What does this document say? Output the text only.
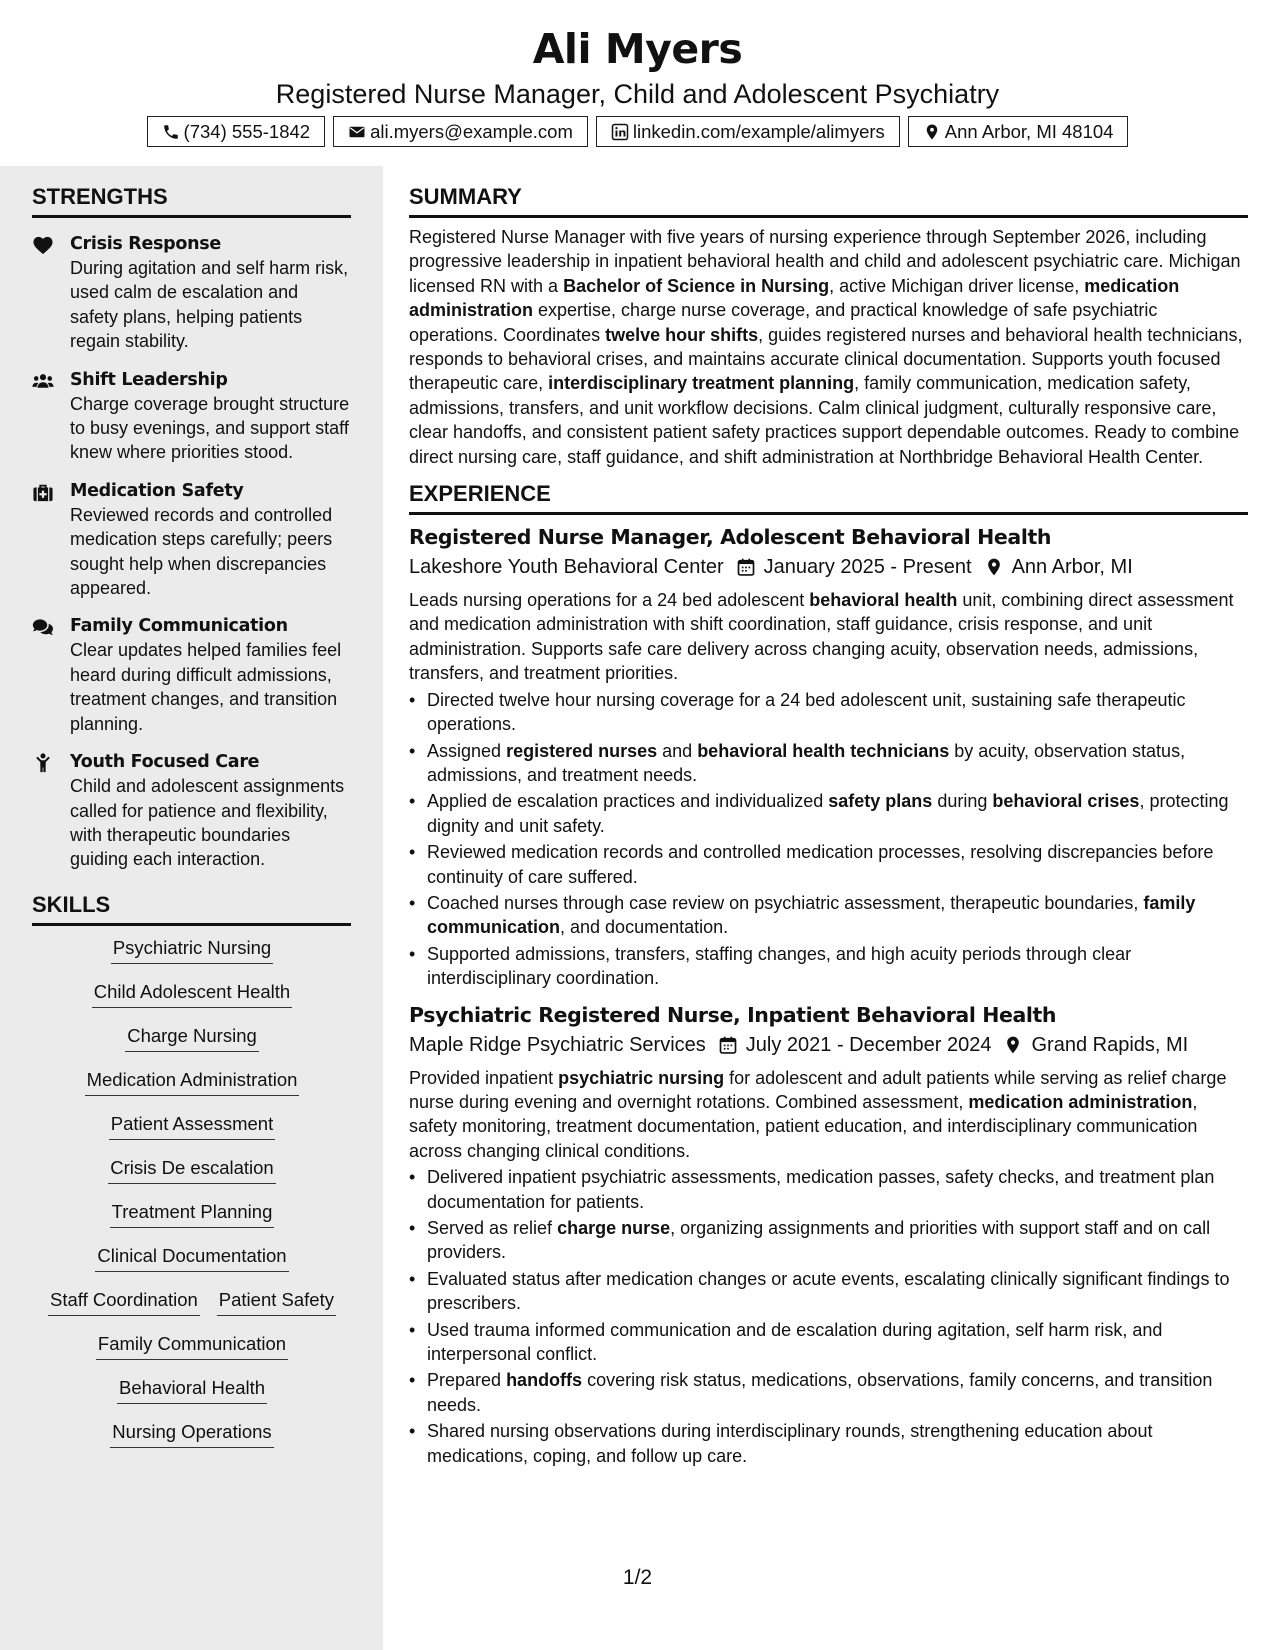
Ali Myers
Registered Nurse Manager, Child and Adolescent Psychiatry
(734) 555-1842	ali.myers@example.com	linkedin.com/example/alimyers	Ann Arbor, MI 48104
STRENGTHS
Crisis Response
During agitation and self harm risk, used calm de escalation and safety plans, helping patients regain stability.
Shift Leadership
Charge coverage brought structure to busy evenings, and support staff knew where priorities stood.
Medication Safety
Reviewed records and controlled medication steps carefully; peers sought help when discrepancies appeared.
Family Communication
Clear updates helped families feel heard during difficult admissions, treatment changes, and transition planning.
Youth Focused Care
Child and adolescent assignments called for patience and flexibility, with therapeutic boundaries guiding each interaction.
SKILLS
Psychiatric Nursing
Child Adolescent Health
Charge Nursing
Medication Administration
Patient Assessment
Crisis De escalation
Treatment Planning
Clinical Documentation
Staff Coordination Patient Safety
Family Communication
Behavioral Health
Nursing Operations
SUMMARY

Registered Nurse Manager with five years of nursing experience through September 2026, including progressive leadership in inpatient behavioral health and child and adolescent psychiatric care. Michigan licensed RN with a Bachelor of Science in Nursing, active Michigan driver license, medication administration expertise, charge nurse coverage, and practical knowledge of safe psychiatric operations. Coordinates twelve hour shifts, guides registered nurses and behavioral health technicians, responds to behavioral crises, and maintains accurate clinical documentation. Supports youth focused therapeutic care, interdisciplinary treatment planning, family communication, medication safety, admissions, transfers, and unit workflow decisions. Calm clinical judgment, culturally responsive care, clear handoffs, and consistent patient safety practices support dependable outcomes. Ready to combine direct nursing care, staff guidance, and shift administration at Northbridge Behavioral Health Center.

EXPERIENCE
Registered Nurse Manager, Adolescent Behavioral Health
Lakeshore Youth Behavioral Center January 2025 - Present Ann Arbor, MI

Leads nursing operations for a 24 bed adolescent behavioral health unit, combining direct assessment and medication administration with shift coordination, staff guidance, crisis response, and unit administration. Supports safe care delivery across changing acuity, observation needs, admissions, transfers, and treatment priorities.

• Directed twelve hour nursing coverage for a 24 bed adolescent unit, sustaining safe therapeutic operations.
• Assigned registered nurses and behavioral health technicians by acuity, observation status, admissions, and treatment needs.
• Applied de escalation practices and individualized safety plans during behavioral crises, protecting dignity and unit safety.
• Reviewed medication records and controlled medication processes, resolving discrepancies before continuity of care suffered.
• Coached nurses through case review on psychiatric assessment, therapeutic boundaries, family communication, and documentation.
• Supported admissions, transfers, staffing changes, and high acuity periods through clear interdisciplinary coordination.
Psychiatric Registered Nurse, Inpatient Behavioral Health
Maple Ridge Psychiatric Services July 2021 - December 2024 Grand Rapids, MI

Provided inpatient psychiatric nursing for adolescent and adult patients while serving as relief charge nurse during evening and overnight rotations. Combined assessment, medication administration, safety monitoring, treatment documentation, patient education, and interdisciplinary communication across changing clinical conditions.

• Delivered inpatient psychiatric assessments, medication passes, safety checks, and treatment plan documentation for patients.
• Served as relief charge nurse, organizing assignments and priorities with support staff and on call providers.
• Evaluated status after medication changes or acute events, escalating clinically significant findings to prescribers.
• Used trauma informed communication and de escalation during agitation, self harm risk, and interpersonal conflict.
• Prepared handoffs covering risk status, medications, observations, family concerns, and transition needs.
• Shared nursing observations during interdisciplinary rounds, strengthening education about medications, coping, and follow up care.
1/2
